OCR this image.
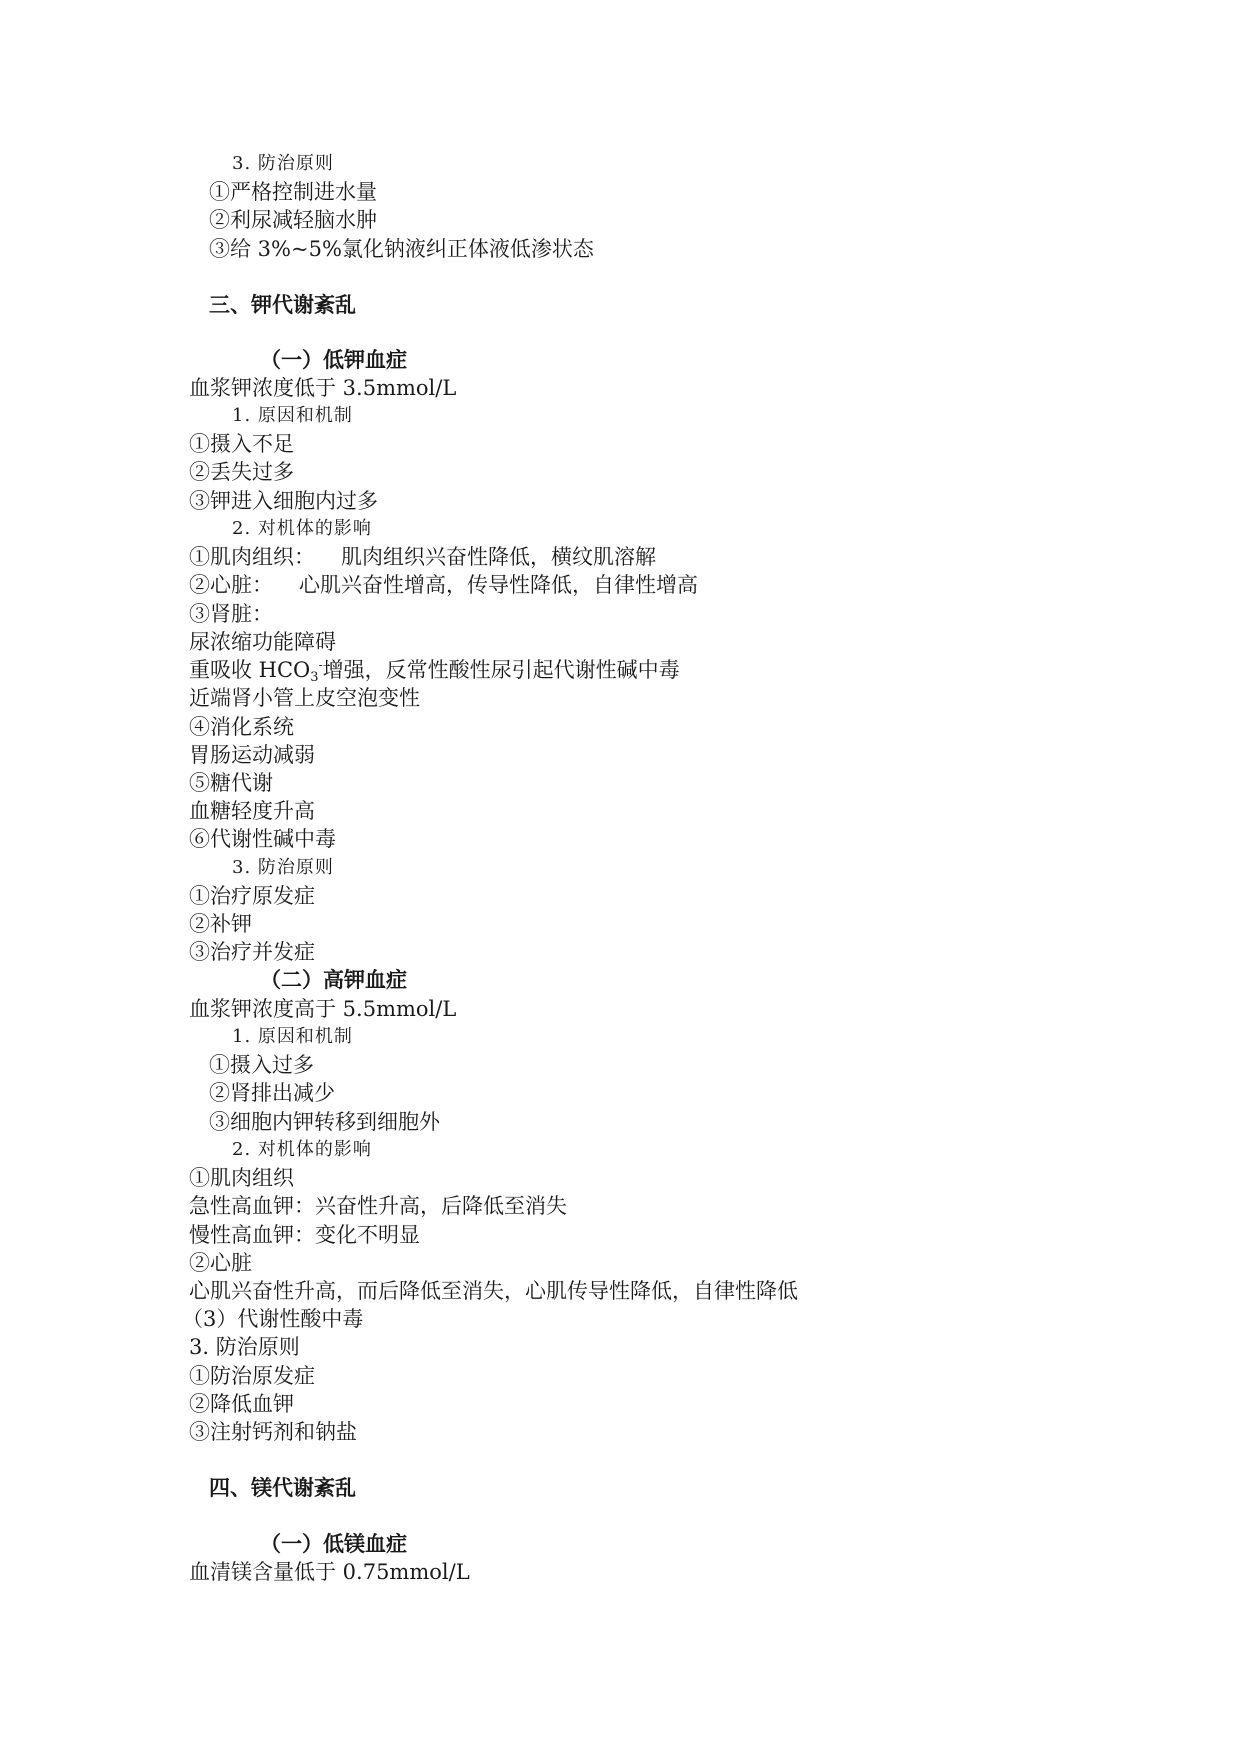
3. 防治原则
①严格控制进水量
②利尿减轻脑水肿
③给 3%~5%氯化钠液纠正体液低渗状态
三、钾代谢紊乱
（一）低钾血症
血浆钾浓度低于 3.5mmol/L
1. 原因和机制
①摄入不足
②丢失过多
③钾进入细胞内过多
2. 对机体的影响
①肌肉组织： 肌肉组织兴奋性降低，横纹肌溶解
②心脏： 心肌兴奋性增高，传导性降低，自律性增高
③肾脏：
尿浓缩功能障碍
重吸收 HCO3-增强，反常性酸性尿引起代谢性碱中毒
近端肾小管上皮空泡变性
④消化系统
胃肠运动减弱
⑤糖代谢
血糖轻度升高
⑥代谢性碱中毒
3. 防治原则
①治疗原发症
②补钾
③治疗并发症
（二）高钾血症
血浆钾浓度高于 5.5mmol/L
1. 原因和机制
①摄入过多
②肾排出减少
③细胞内钾转移到细胞外
2. 对机体的影响
①肌肉组织
急性高血钾：兴奋性升高，后降低至消失
慢性高血钾：变化不明显
②心脏
心肌兴奋性升高，而后降低至消失，心肌传导性降低，自律性降低
（3）代谢性酸中毒
3. 防治原则
①防治原发症
②降低血钾
③注射钙剂和钠盐
四、镁代谢紊乱
（一）低镁血症
血清镁含量低于 0.75mmol/L
